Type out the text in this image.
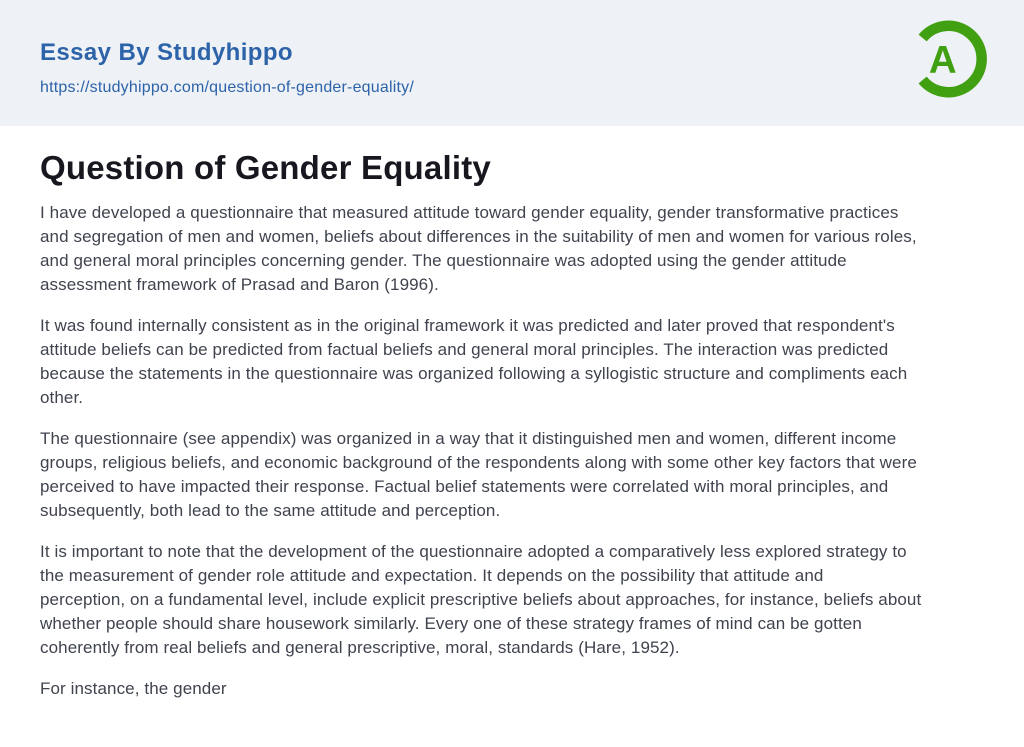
Essay By Studyhippo
https://studyhippo.com/question-of-gender-equality/
A
Question of Gender Equality

I have developed a questionnaire that measured attitude toward gender equality, gender transformative practices
and segregation of men and women, beliefs about differences in the suitability of men and women for various roles,
and general moral principles concerning gender. The questionnaire was adopted using the gender attitude
assessment framework of Prasad and Baron (1996).

It was found internally consistent as in the original framework it was predicted and later proved that respondent's
attitude beliefs can be predicted from factual beliefs and general moral principles. The interaction was predicted
because the statements in the questionnaire was organized following a syllogistic structure and compliments each
other.

The questionnaire (see appendix) was organized in a way that it distinguished men and women, different income
groups, religious beliefs, and economic background of the respondents along with some other key factors that were
perceived to have impacted their response. Factual belief statements were correlated with moral principles, and
subsequently, both lead to the same attitude and perception.

It is important to note that the development of the questionnaire adopted a comparatively less explored strategy to
the measurement of gender role attitude and expectation. It depends on the possibility that attitude and
perception, on a fundamental level, include explicit prescriptive beliefs about approaches, for instance, beliefs about
whether people should share housework similarly. Every one of these strategy frames of mind can be gotten
coherently from real beliefs and general prescriptive, moral, standards (Hare, 1952).

For instance, the gender
